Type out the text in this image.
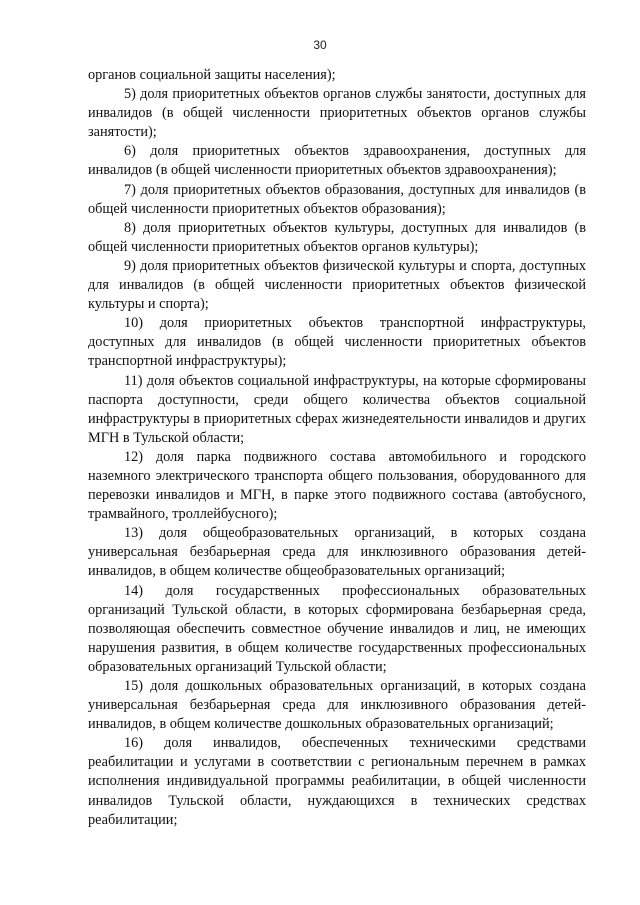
30

органов социальной защиты населения);

5) доля приоритетных объектов органов службы занятости, доступных для инвалидов (в общей численности приоритетных объектов органов службы занятости);

6) доля приоритетных объектов здравоохранения, доступных для инвалидов (в общей численности приоритетных объектов здравоохранения);

7) доля приоритетных объектов образования, доступных для инвалидов (в общей численности приоритетных объектов образования);

8) доля приоритетных объектов культуры, доступных для инвалидов (в общей численности приоритетных объектов органов культуры);

9) доля приоритетных объектов физической культуры и спорта, доступных для инвалидов (в общей численности приоритетных объектов физической культуры и спорта);

10) доля приоритетных объектов транспортной инфраструктуры, доступных для инвалидов (в общей численности приоритетных объектов транспортной инфраструктуры);

11) доля объектов социальной инфраструктуры, на которые сформированы паспорта доступности, среди общего количества объектов социальной инфраструктуры в приоритетных сферах жизнедеятельности инвалидов и других МГН в Тульской области;

12) доля парка подвижного состава автомобильного и городского наземного электрического транспорта общего пользования, оборудованного для перевозки инвалидов и МГН, в парке этого подвижного состава (автобусного, трамвайного, троллейбусного);

13) доля общеобразовательных организаций, в которых создана универсальная безбарьерная среда для инклюзивного образования детей-инвалидов, в общем количестве общеобразовательных организаций;

14) доля государственных профессиональных образовательных организаций Тульской области, в которых сформирована безбарьерная среда, позволяющая обеспечить совместное обучение инвалидов и лиц, не имеющих нарушения развития, в общем количестве государственных профессиональных образовательных организаций Тульской области;

15) доля дошкольных образовательных организаций, в которых создана универсальная безбарьерная среда для инклюзивного образования детей-инвалидов, в общем количестве дошкольных образовательных организаций;

16) доля инвалидов, обеспеченных техническими средствами реабилитации и услугами в соответствии с региональным перечнем в рамках исполнения индивидуальной программы реабилитации, в общей численности инвалидов Тульской области, нуждающихся в технических средствах реабилитации;
